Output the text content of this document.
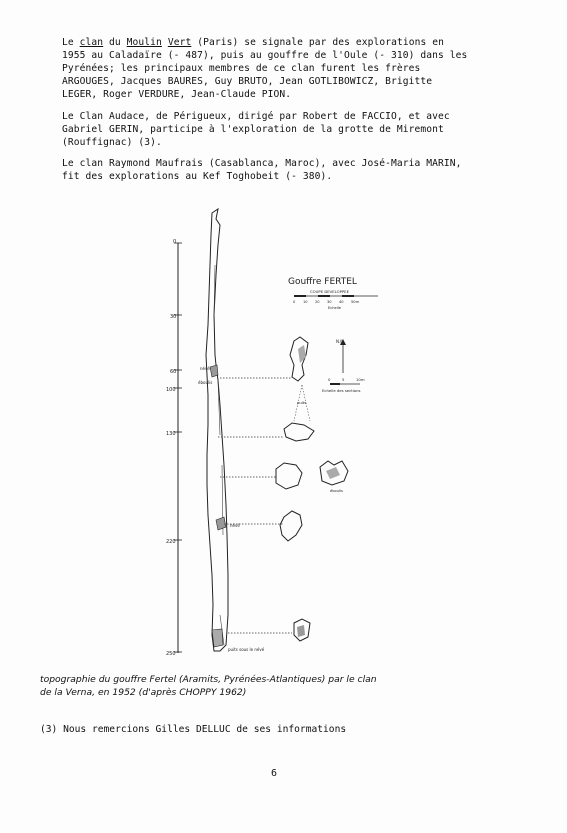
Le clan du Moulin Vert (Paris) se signale par des explorations en
1955 au Caladaïre (- 487), puis au gouffre de l'Oule (- 310) dans les
Pyrénées; les principaux membres de ce clan furent les frères
ARGOUGES, Jacques BAURES, Guy BRUTO, Jean GOTLIBOWICZ, Brigitte
LEGER, Roger VERDURE, Jean-Claude PION.
Le Clan Audace, de Périgueux, dirigé par Robert de FACCIO, et avec
Gabriel GERIN, participe à l'exploration de la grotte de Miremont
(Rouffignac) (3).
Le clan Raymond Maufrais (Casablanca, Maroc), avec José-Maria MARIN,
fit des explorations au Kef Toghobeit (- 380).
0
30
60
100
130
220
250
névé
éboulis
névé
puits sous le névé
Gouffre FERTEL
COUPE DEVELOPPEE
0 10 20 30 40 50m
Echelle
N.M
0	5	10m
Echelle des sections
puits
éboulis
topographie du gouffre Fertel (Aramits, Pyrénées-Atlantiques) par le clan
de la Verna, en 1952 (d'après CHOPPY 1962)
(3) Nous remercions Gilles DELLUC de ses informations
6
